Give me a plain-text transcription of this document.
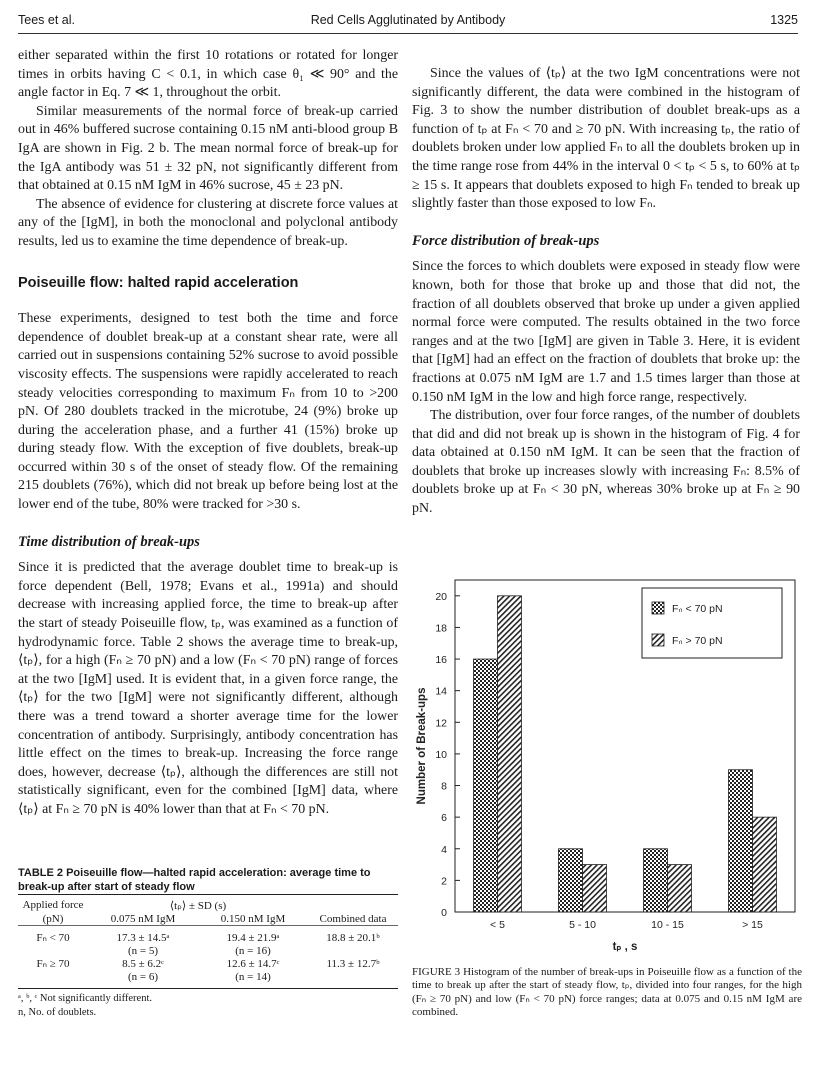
Tees et al.	Red Cells Agglutinated by Antibody	1325

either separated within the first 10 rotations or rotated for longer times in orbits having C < 0.1, in which case θ₁ ≪ 90° and the angle factor in Eq. 7 ≪ 1, throughout the orbit.

Similar measurements of the normal force of break-up carried out in 46% buffered sucrose containing 0.15 nM anti-blood group B IgA are shown in Fig. 2 b. The mean normal force of break-up for the IgA antibody was 51 ± 32 pN, not significantly different from that obtained at 0.15 nM IgM in 46% sucrose, 45 ± 23 pN.

The absence of evidence for clustering at discrete force values at any of the [IgM], in both the monoclonal and polyclonal antibody results, led us to examine the time dependence of break-up.

Poiseuille flow: halted rapid acceleration

These experiments, designed to test both the time and force dependence of doublet break-up at a constant shear rate, were all carried out in suspensions containing 52% sucrose to avoid possible viscosity effects. The suspensions were rapidly accelerated to reach steady velocities corresponding to maximum Fₙ from 10 to >200 pN. Of 280 doublets tracked in the microtube, 24 (9%) broke up during the acceleration phase, and a further 41 (15%) broke up during steady flow. With the exception of five doublets, break-up occurred within 30 s of the onset of steady flow. Of the remaining 215 doublets (76%), which did not break up before being lost at the lower end of the tube, 80% were tracked for >30 s.

Time distribution of break-ups

Since it is predicted that the average doublet time to break-up is force dependent (Bell, 1978; Evans et al., 1991a) and should decrease with increasing applied force, the time to break-up after the start of steady Poiseuille flow, tₚ, was examined as a function of hydrodynamic force. Table 2 shows the average time to break-up, ⟨tₚ⟩, for a high (Fₙ ≥ 70 pN) and a low (Fₙ < 70 pN) range of forces at the two [IgM] used. It is evident that, in a given force range, the ⟨tₚ⟩ for the two [IgM] were not significantly different, although there was a trend toward a shorter average time for the lower concentration of antibody. Surprisingly, antibody concentration has little effect on the times to break-up. Increasing the force range does, however, decrease ⟨tₚ⟩, although the differences are still not statistically significant, even for the combined [IgM] data, where ⟨tₚ⟩ at Fₙ ≥ 70 pN is 40% lower than that at Fₙ < 70 pN.

TABLE 2 Poiseuille flow—halted rapid acceleration: average time to break-up after start of steady flow
Applied force	⟨tₚ⟩ ± SD (s)		
(pN)	0.075 nM IgM	0.150 nM IgM	Combined data

Fₙ < 70	17.3 ± 14.5ᵃ	19.4 ± 21.9ᵃ	18.8 ± 20.1ᵇ
	(n = 5)	(n = 16)	
Fₙ ≥ 70	8.5 ± 6.2ᶜ	12.6 ± 14.7ᶜ	11.3 ± 12.7ᵇ
	(n = 6)	(n = 14)	
ᵃ, ᵇ, ᶜ Not significantly different.
n, No. of doublets.

Since the values of ⟨tₚ⟩ at the two IgM concentrations were not significantly different, the data were combined in the histogram of Fig. 3 to show the number distribution of doublet break-ups as a function of tₚ at Fₙ < 70 and ≥ 70 pN. With increasing tₚ, the ratio of doublets broken under low applied Fₙ to all the doublets broken up in the time range rose from 44% in the interval 0 < tₚ < 5 s, to 60% at tₚ ≥ 15 s. It appears that doublets exposed to high Fₙ tended to break up slightly faster than those exposed to low Fₙ.

Force distribution of break-ups

Since the forces to which doublets were exposed in steady flow were known, both for those that broke up and those that did not, the fraction of all doublets observed that broke up under a given applied normal force were computed. The results obtained in the two force ranges and at the two [IgM] are given in Table 3. Here, it is evident that [IgM] had an effect on the fraction of doublets that broke up: the fractions at 0.075 nM IgM are 1.7 and 1.5 times larger than those at 0.150 nM IgM in the low and high force range, respectively.

The distribution, over four force ranges, of the number of doublets that did and did not break up is shown in the histogram of Fig. 4 for data obtained at 0.150 nM IgM. It can be seen that the fraction of doublets that broke up increases slowly with increasing Fₙ: 8.5% of doublets broke up at Fₙ < 30 pN, whereas 30% broke up at Fₙ ≥ 90 pN.

0
2
4
6
8
10
12
14
16
18
20
< 5	5 - 10	10 - 15	> 15
tₚ , s
Number of Break-ups
Fₙ < 70 pN
Fₙ > 70 pN
FIGURE 3 Histogram of the number of break-ups in Poiseuille flow as a function of the time to break up after the start of steady flow, tₚ, divided into four ranges, for the high (Fₙ ≥ 70 pN) and low (Fₙ < 70 pN) force ranges; data at 0.075 and 0.15 nM IgM are combined.
